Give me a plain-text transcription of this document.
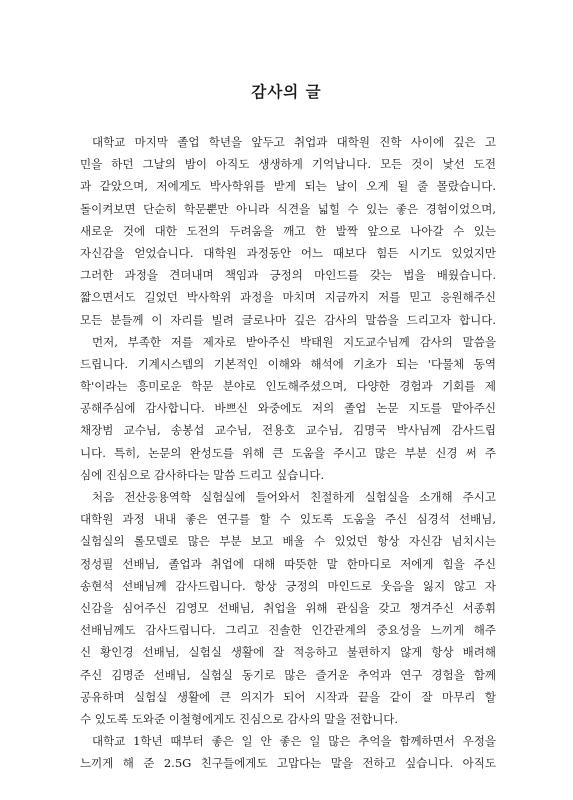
감사의 글
대학교 마지막 졸업 학년을 앞두고 취업과 대학원 진학 사이에 깊은 고
민을 하던 그날의 밤이 아직도 생생하게 기억납니다. 모든 것이 낯선 도전
과 같았으며, 저에게도 박사학위를 받게 되는 날이 오게 될 줄 몰랐습니다.
돌이켜보면 단순히 학문뿐만 아니라 식견을 넓힐 수 있는 좋은 경험이었으며,
새로운 것에 대한 도전의 두려움을 깨고 한 발짝 앞으로 나아갈 수 있는
자신감을 얻었습니다. 대학원 과정동안 어느 때보다 힘든 시기도 있었지만
그러한 과정을 견뎌내며 책임과 긍정의 마인드를 갖는 법을 배웠습니다.
짧으면서도 길었던 박사학위 과정을 마치며 지금까지 저를 믿고 응원해주신
모든 분들께 이 자리를 빌려 글로나마 깊은 감사의 말씀을 드리고자 합니다.
먼저, 부족한 저를 제자로 받아주신 박태원 지도교수님께 감사의 말씀을
드립니다. 기계시스템의 기본적인 이해와 해석에 기초가 되는 '다물체 동역
학'이라는 흥미로운 학문 분야로 인도해주셨으며, 다양한 경험과 기회를 제
공해주심에 감사합니다. 바쁘신 와중에도 저의 졸업 논문 지도를 맡아주신
채장범 교수님, 송봉섭 교수님, 전용호 교수님, 김명국 박사님께 감사드립
니다. 특히, 논문의 완성도를 위해 큰 도움을 주시고 많은 부분 신경 써 주
심에 진심으로 감사하다는 말씀 드리고 싶습니다.
처음 전산응용역학 실험실에 들어와서 친절하게 실험실을 소개해 주시고
대학원 과정 내내 좋은 연구를 할 수 있도록 도움을 주신 심경석 선배님,
실험실의 롤모델로 많은 부분 보고 배울 수 있었던 항상 자신감 넘치시는
정성필 선배님, 졸업과 취업에 대해 따뜻한 말 한마디로 저에게 힘을 주신
송현석 선배님께 감사드립니다. 항상 긍정의 마인드로 웃음을 잃지 않고 자
신감을 심어주신 김영모 선배님, 취업을 위해 관심을 갖고 챙겨주신 서종휘
선배님께도 감사드립니다. 그리고 진솔한 인간관계의 중요성을 느끼게 해주
신 황인경 선배님, 실험실 생활에 잘 적응하고 불편하지 않게 항상 배려해
주신 김명준 선배님, 실험실 동기로 많은 즐거운 추억과 연구 경험을 함께
공유하며 실험실 생활에 큰 의지가 되어 시작과 끝을 같이 잘 마무리 할
수 있도록 도와준 이철형에게도 진심으로 감사의 말을 전합니다.
대학교 1학년 때부터 좋은 일 안 좋은 일 많은 추억을 함께하면서 우정을
느끼게 해 준 2.5G 친구들에게도 고맙다는 말을 전하고 싶습니다. 아직도
